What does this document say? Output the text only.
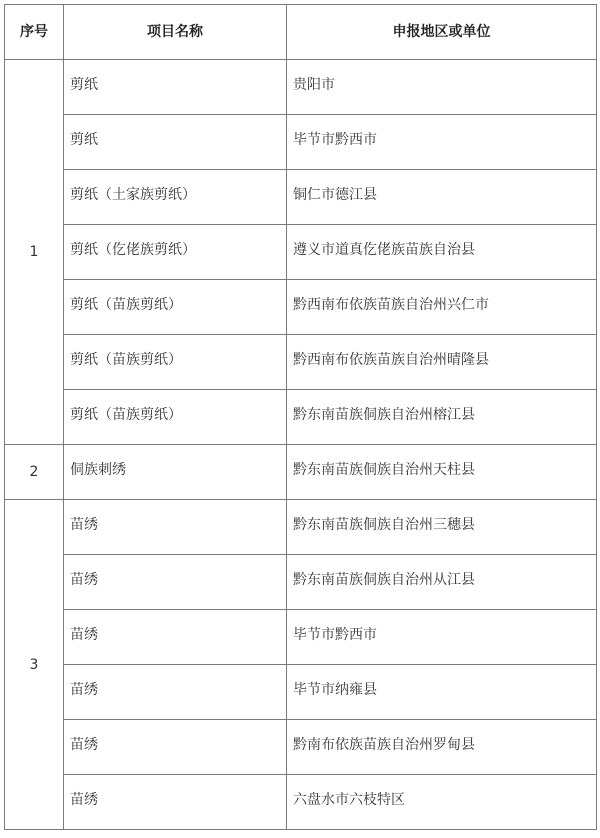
序号	项目名称	申报地区或单位
1	剪纸	贵阳市
	剪纸	毕节市黔西市
	剪纸（土家族剪纸）	铜仁市德江县
	剪纸（仡佬族剪纸）	遵义市道真仡佬族苗族自治县
	剪纸（苗族剪纸）	黔西南布依族苗族自治州兴仁市
	剪纸（苗族剪纸）	黔西南布依族苗族自治州晴隆县
	剪纸（苗族剪纸）	黔东南苗族侗族自治州榕江县
2	侗族刺绣	黔东南苗族侗族自治州天柱县
3	苗绣	黔东南苗族侗族自治州三穗县
	苗绣	黔东南苗族侗族自治州从江县
	苗绣	毕节市黔西市
	苗绣	毕节市纳雍县
	苗绣	黔南布依族苗族自治州罗甸县
	苗绣	六盘水市六枝特区
